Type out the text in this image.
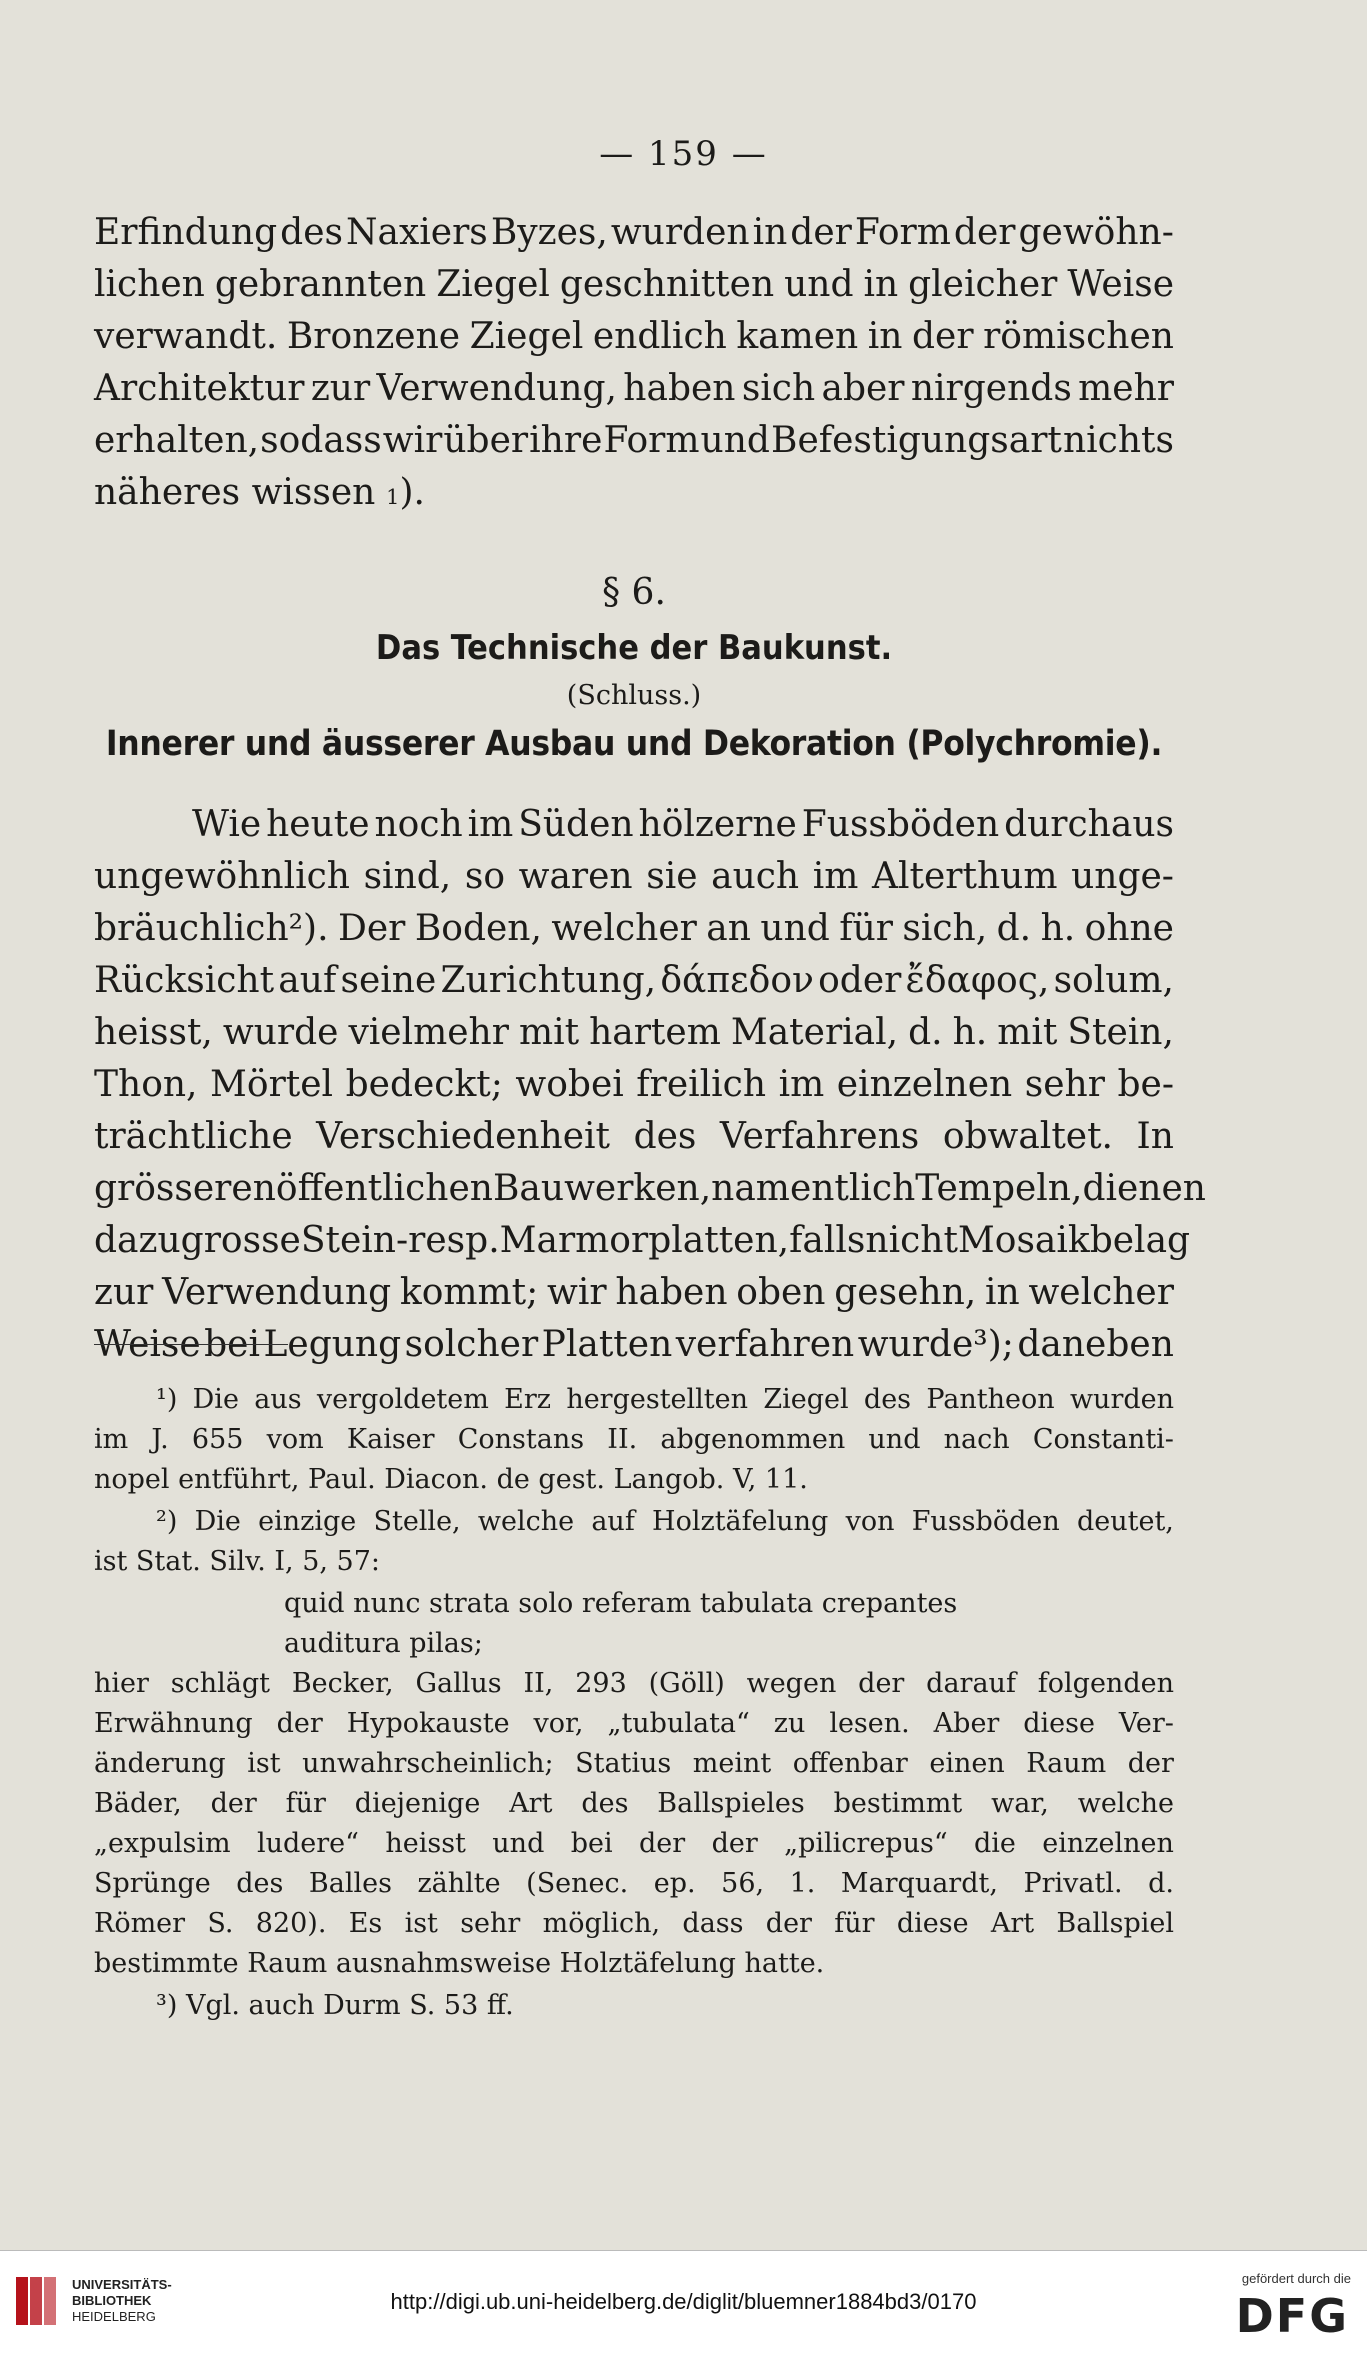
— 159 —
Erfindung des Naxiers Byzes, wurden in der Form der gewöhn-
lichen gebrannten Ziegel geschnitten und in gleicher Weise
verwandt. Bronzene Ziegel endlich kamen in der römischen
Architektur zur Verwendung, haben sich aber nirgends mehr
erhalten, sodass wir über ihre Form und Befestigungsart nichts
näheres wissen 1 ).
§ 6.
Das Technische der Baukunst.
(Schluss.)
Innerer und äusserer Ausbau und Dekoration (Polychromie).
Wie heute noch im Süden hölzerne Fussböden durchaus
ungewöhnlich sind, so waren sie auch im Alterthum unge-
bräuchlich²). Der Boden, welcher an und für sich, d. h. ohne
Rücksicht auf seine Zurichtung, δάπεδον oder ἔδαφος, solum,
heisst, wurde vielmehr mit hartem Material, d. h. mit Stein,
Thon, Mörtel bedeckt; wobei freilich im einzelnen sehr be-
trächtliche Verschiedenheit des Verfahrens obwaltet. In
grösseren öffentlichen Bauwerken, namentlich Tempeln, dienen
dazu grosse Stein- resp. Marmorplatten, falls nicht Mosaikbelag
zur Verwendung kommt; wir haben oben gesehn, in welcher
Weise bei Legung solcher Platten verfahren wurde³); daneben
¹) Die aus vergoldetem Erz hergestellten Ziegel des Pantheon wurden
im J. 655 vom Kaiser Constans II. abgenommen und nach Constanti-
nopel entführt, Paul. Diacon. de gest. Langob. V, 11.
²) Die einzige Stelle, welche auf Holztäfelung von Fussböden deutet,
ist Stat. Silv. I, 5, 57:
quid nunc strata solo referam tabulata crepantes
auditura pilas;
hier schlägt Becker, Gallus II, 293 (Göll) wegen der darauf folgenden
Erwähnung der Hypokauste vor, „tubulata“ zu lesen. Aber diese Ver-
änderung ist unwahrscheinlich; Statius meint offenbar einen Raum der
Bäder, der für diejenige Art des Ballspieles bestimmt war, welche
„expulsim ludere“ heisst und bei der der „pilicrepus“ die einzelnen
Sprünge des Balles zählte (Senec. ep. 56, 1. Marquardt, Privatl. d.
Römer S. 820). Es ist sehr möglich, dass der für diese Art Ballspiel
bestimmte Raum ausnahmsweise Holztäfelung hatte.
³) Vgl. auch Durm S. 53 ff.
UNIVERSITÄTS-
BIBLIOTHEK
HEIDELBERG
http://digi.ub.uni-heidelberg.de/diglit/bluemner1884bd3/0170
gefördert durch die
DFG
